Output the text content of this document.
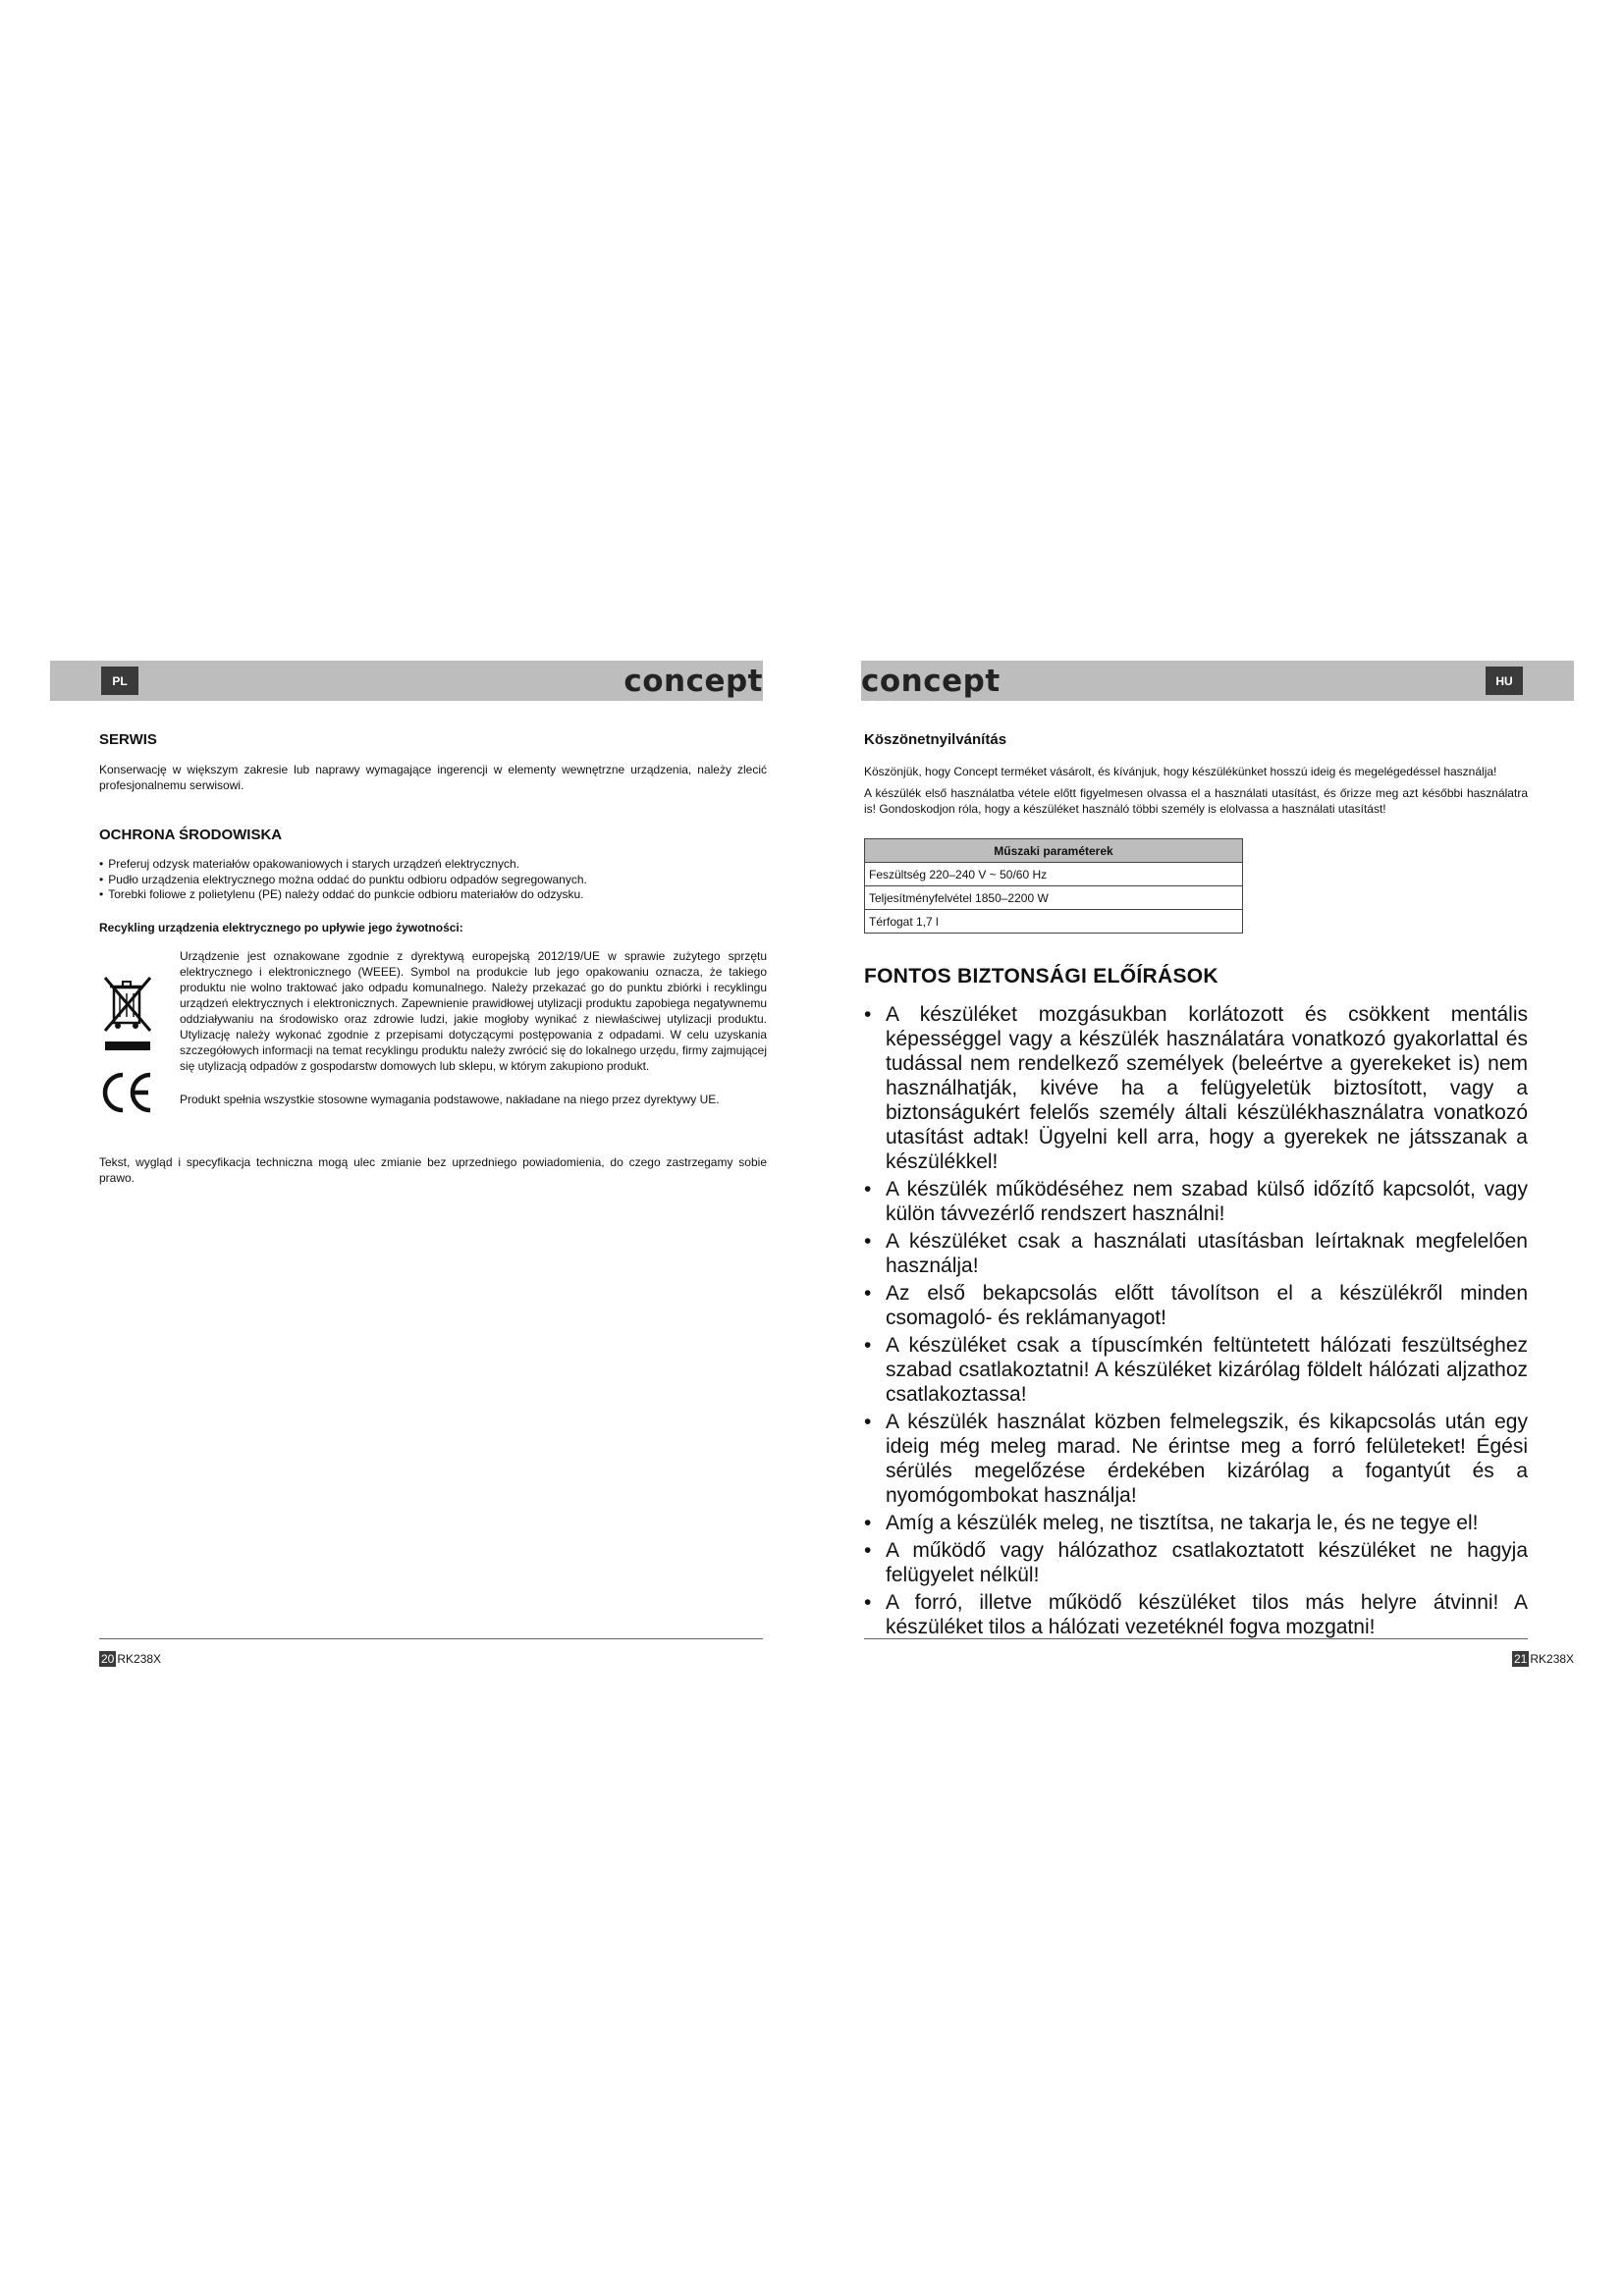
PL	concept	concept	HU
SERWIS

Konserwację w większym zakresie lub naprawy wymagające ingerencji w elementy wewnętrzne urządzenia, należy zlecić profesjonalnemu serwisowi.

OCHRONA ŚRODOWISKA
• Preferuj odzysk materiałów opakowaniowych i starych urządzeń elektrycznych.
• Pudło urządzenia elektrycznego można oddać do punktu odbioru odpadów segregowanych.
• Torebki foliowe z polietylenu (PE) należy oddać do punkcie odbioru materiałów do odzysku.
Recykling urządzenia elektrycznego po upływie jego żywotności:

Urządzenie jest oznakowane zgodnie z dyrektywą europejską 2012/19/UE w sprawie zużytego sprzętu elektrycznego i elektronicznego (WEEE). Symbol na produkcie lub jego opakowaniu oznacza, że takiego produktu nie wolno traktować jako odpadu komunalnego. Należy przekazać go do punktu zbiórki i recyklingu urządzeń elektrycznych i elektronicznych. Zapewnienie prawidłowej utylizacji produktu zapobiega negatywnemu oddziaływaniu na środowisko oraz zdrowie ludzi, jakie mogłoby wynikać z niewłaściwej utylizacji produktu. Utylizację należy wykonać zgodnie z przepisami dotyczącymi postępowania z odpadami. W celu uzyskania szczegółowych informacji na temat recyklingu produktu należy zwrócić się do lokalnego urzędu, firmy zajmującej się utylizacją odpadów z gospodarstw domowych lub sklepu, w którym zakupiono produkt.
Produkt spełnia wszystkie stosowne wymagania podstawowe, nakładane na niego przez dyrektywy UE.

Tekst, wygląd i specyfikacja techniczna mogą ulec zmianie bez uprzedniego powiadomienia, do czego zastrzegamy sobie prawo.

Köszönetnyilvánítás

Köszönjük, hogy Concept terméket vásárolt, és kívánjuk, hogy készülékünket hosszú ideig és megelégedéssel használja!

A készülék első használatba vétele előtt figyelmesen olvassa el a használati utasítást, és őrizze meg azt későbbi használatra is! Gondoskodjon róla, hogy a készüléket használó többi személy is elolvassa a használati utasítást!

Műszaki paraméterek
Feszültség 220–240 V ~ 50/60 Hz
Teljesítményfelvétel 1850–2200 W
Térfogat 1,7 l
FONTOS BIZTONSÁGI ELŐÍRÁSOK
• A készüléket mozgásukban korlátozott és csökkent mentális képességgel vagy a készülék használatára vonatkozó gyakorlattal és tudással nem rendelkező személyek (beleértve a gyerekeket is) nem használhatják, kivéve ha a felügyeletük biztosított, vagy a biztonságukért felelős személy általi készülékhasználatra vonatkozó utasítást adtak! Ügyelni kell arra, hogy a gyerekek ne játsszanak a készülékkel!
• A készülék működéséhez nem szabad külső időzítő kapcsolót, vagy külön távvezérlő rendszert használni!
• A készüléket csak a használati utasításban leírtaknak megfelelően használja!
• Az első bekapcsolás előtt távolítson el a készülékről minden csomagoló- és reklámanyagot!
• A készüléket csak a típuscímkén feltüntetett hálózati feszültséghez szabad csatlakoztatni! A készüléket kizárólag földelt hálózati aljzathoz csatlakoztassa!
• A készülék használat közben felmelegszik, és kikapcsolás után egy ideig még meleg marad. Ne érintse meg a forró felületeket! Égési sérülés megelőzése érdekében kizárólag a fogantyút és a nyomógombokat használja!
• Amíg a készülék meleg, ne tisztítsa, ne takarja le, és ne tegye el!
• A működő vagy hálózathoz csatlakoztatott készüléket ne hagyja felügyelet nélkül!
• A forró, illetve működő készüléket tilos más helyre átvinni! A készüléket tilos a hálózati vezetéknél fogva mozgatni!
20 RK238X	21 RK238X
